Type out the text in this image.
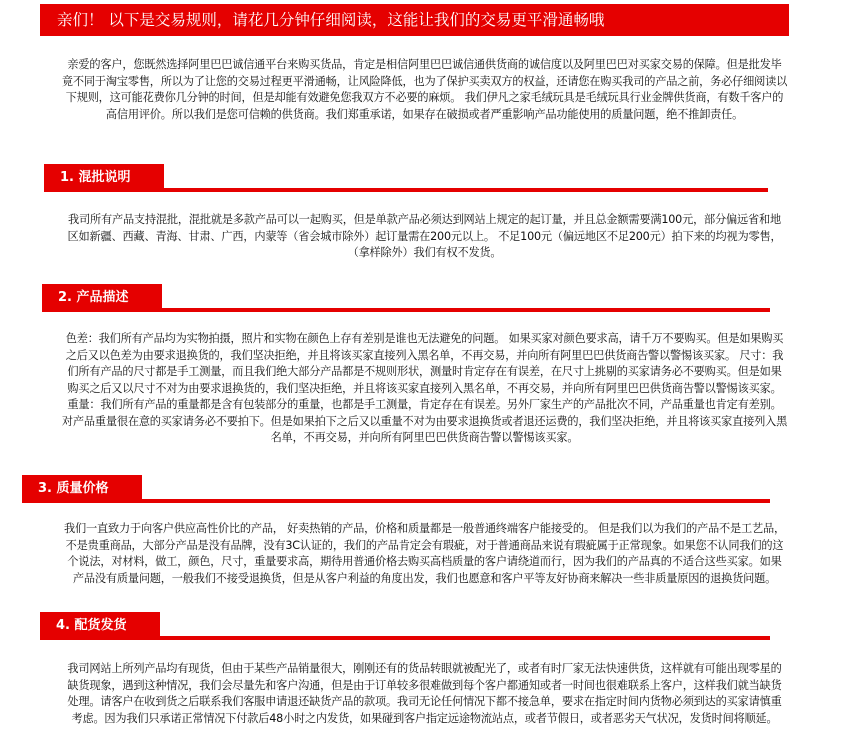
亲们！ 以下是交易规则，请花几分钟仔细阅读，这能让我们的交易更平滑通畅哦
亲爱的客户，您既然选择阿里巴巴诚信通平台来购买货品，肯定是相信阿里巴巴诚信通供货商的诚信度以及阿里巴巴对买家交易的保障。但是批发毕
竟不同于淘宝零售，所以为了让您的交易过程更平滑通畅，让风险降低，也为了保护买卖双方的权益，还请您在购买我司的产品之前，务必仔细阅读以
下规则，这可能花费你几分钟的时间，但是却能有效避免您我双方不必要的麻烦。 我们伊凡之家毛绒玩具是毛绒玩具行业金牌供货商，有数千客户的
高信用评价。所以我们是您可信赖的供货商。我们郑重承诺，如果存在破损或者严重影响产品功能使用的质量问题，绝不推卸责任。
1. 混批说明
我司所有产品支持混批，混批就是多款产品可以一起购买，但是单款产品必须达到网站上规定的起订量，并且总金额需要满100元，部分偏远省和地
区如新疆、西藏、青海、甘肃、广西，内蒙等（省会城市除外）起订量需在200元以上。 不足100元（偏远地区不足200元）拍下来的均视为零售，
（拿样除外）我们有权不发货。
2. 产品描述
色差：我们所有产品均为实物拍摄，照片和实物在颜色上存有差别是谁也无法避免的问题。 如果买家对颜色要求高，请千万不要购买。但是如果购买
之后又以色差为由要求退换货的，我们坚决拒绝，并且将该买家直接列入黑名单，不再交易，并向所有阿里巴巴供货商告警以警惕该买家。 尺寸：我
们所有产品的尺寸都是手工测量，而且我们绝大部分产品都是不规则形状，测量时肯定存在有误差，在尺寸上挑剔的买家请务必不要购买。但是如果
购买之后又以尺寸不对为由要求退换货的，我们坚决拒绝，并且将该买家直接列入黑名单，不再交易，并向所有阿里巴巴供货商告警以警惕该买家。
重量：我们所有产品的重量都是含有包装部分的重量，也都是手工测量，肯定存在有误差。另外厂家生产的产品批次不同，产品重量也肯定有差别。
对产品重量很在意的买家请务必不要拍下。但是如果拍下之后又以重量不对为由要求退换货或者退还运费的，我们坚决拒绝，并且将该买家直接列入黑
名单，不再交易，并向所有阿里巴巴供货商告警以警惕该买家。
3. 质量价格
我们一直致力于向客户供应高性价比的产品， 好卖热销的产品，价格和质量都是一般普通终端客户能接受的。 但是我们以为我们的产品不是工艺品，
不是贵重商品，大部分产品是没有品牌，没有3C认证的，我们的产品肯定会有瑕疵，对于普通商品来说有瑕疵属于正常现象。如果您不认同我们的这
个说法，对材料，做工，颜色，尺寸，重量要求高，期待用普通价格去购买高档质量的客户请绕道而行，因为我们的产品真的不适合这些买家。如果
产品没有质量问题，一般我们不接受退换货，但是从客户利益的角度出发，我们也愿意和客户平等友好协商来解决一些非质量原因的退换货问题。
4. 配货发货
我司网站上所列产品均有现货，但由于某些产品销量很大，刚刚还有的货品转眼就被配光了，或者有时厂家无法快速供货，这样就有可能出现零星的
缺货现象，遇到这种情况，我们会尽量先和客户沟通，但是由于订单较多很难做到每个客户都通知或者一时间也很难联系上客户，这样我们就当缺货
处理。请客户在收到货之后联系我们客服申请退还缺货产品的款项。我司无论任何情况下都不接急单，要求在指定时间内货物必须到达的买家请慎重
考虑。因为我们只承诺正常情况下付款后48小时之内发货，如果碰到客户指定远途物流站点，或者节假日，或者恶劣天气状况，发货时间将顺延。
